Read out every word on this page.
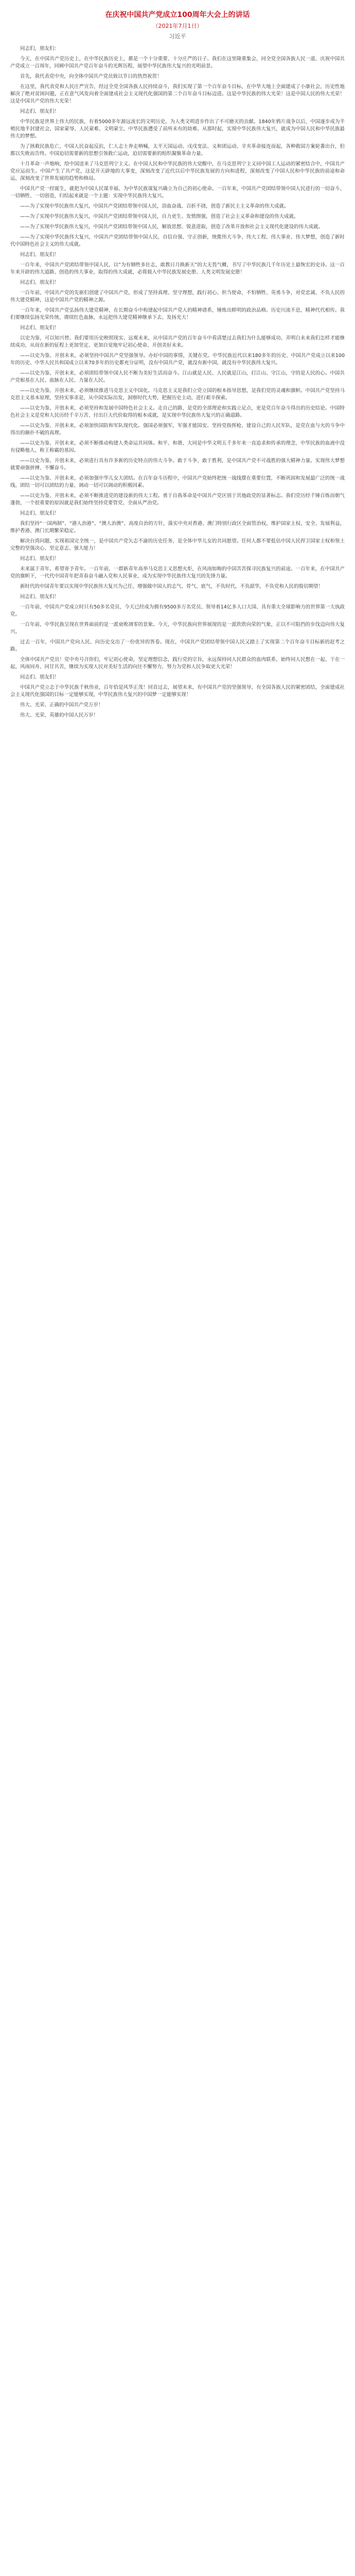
在庆祝中国共产党成立100周年大会上的讲话
（2021年7月1日）
习近平

同志们，朋友们：

今天，在中国共产党历史上，在中华民族历史上，都是一个十分重要、十分庄严的日子。我们在这里隆重集会，同全党全国各族人民一道，庆祝中国共产党成立一百周年，回顾中国共产党百年奋斗的光辉历程，展望中华民族伟大复兴的光明前景。

首先，我代表党中央，向全体中国共产党员致以节日的热烈祝贺！

在这里，我代表党和人民庄严宣告，经过全党全国各族人民持续奋斗，我们实现了第一个百年奋斗目标，在中华大地上全面建成了小康社会，历史性地解决了绝对贫困问题，正在意气风发向着全面建成社会主义现代化强国的第二个百年奋斗目标迈进。这是中华民族的伟大光荣！这是中国人民的伟大光荣！这是中国共产党的伟大光荣！

同志们、朋友们！

中华民族是世界上伟大的民族，有着5000多年源远流长的文明历史，为人类文明进步作出了不可磨灭的贡献。1840年鸦片战争以后，中国逐步成为半殖民地半封建社会，国家蒙辱、人民蒙难、文明蒙尘，中华民族遭受了前所未有的劫难。从那时起，实现中华民族伟大复兴，就成为中国人民和中华民族最伟大的梦想。

为了拯救民族危亡，中国人民奋起反抗，仁人志士奔走呐喊，太平天国运动、戊戌变法、义和团运动、辛亥革命接连而起，各种救国方案轮番出台，但都以失败而告终。中国迫切需要新的思想引领救亡运动，迫切需要新的组织凝聚革命力量。

十月革命一声炮响，给中国送来了马克思列宁主义。在中国人民和中华民族的伟大觉醒中，在马克思列宁主义同中国工人运动的紧密结合中，中国共产党应运而生。中国产生了共产党，这是开天辟地的大事变，深刻改变了近代以后中华民族发展的方向和进程，深刻改变了中国人民和中华民族的前途和命运，深刻改变了世界发展的趋势和格局。

中国共产党一经诞生，就把为中国人民谋幸福、为中华民族谋复兴确立为自己的初心使命。一百年来，中国共产党团结带领中国人民进行的一切奋斗、一切牺牲、一切创造，归结起来就是一个主题：实现中华民族伟大复兴。

——为了实现中华民族伟大复兴，中国共产党团结带领中国人民，浴血奋战、百折不挠，创造了新民主主义革命的伟大成就。

——为了实现中华民族伟大复兴，中国共产党团结带领中国人民，自力更生、发愤图强，创造了社会主义革命和建设的伟大成就。

——为了实现中华民族伟大复兴，中国共产党团结带领中国人民，解放思想、锐意进取，创造了改革开放和社会主义现代化建设的伟大成就。

——为了实现中华民族伟大复兴，中国共产党团结带领中国人民，自信自强、守正创新，统揽伟大斗争、伟大工程、伟大事业、伟大梦想，创造了新时代中国特色社会主义的伟大成就。

同志们、朋友们！

一百年来，中国共产党团结带领中国人民，以“为有牺牲多壮志，敢教日月换新天”的大无畏气概，书写了中华民族几千年历史上最恢宏的史诗。这一百年来开辟的伟大道路、创造的伟大事业、取得的伟大成就，必将载入中华民族发展史册、人类文明发展史册！

同志们、朋友们！

一百年前，中国共产党的先驱们创建了中国共产党，形成了坚持真理、坚守理想，践行初心、担当使命，不怕牺牲、英勇斗争，对党忠诚、不负人民的伟大建党精神，这是中国共产党的精神之源。

一百年来，中国共产党弘扬伟大建党精神，在长期奋斗中构建起中国共产党人的精神谱系，锤炼出鲜明的政治品格。历史川流不息，精神代代相传。我们要继续弘扬光荣传统、赓续红色血脉，永远把伟大建党精神继承下去、发扬光大！

同志们、朋友们！

以史为鉴，可以知兴替。我们要用历史映照现实、远观未来，从中国共产党的百年奋斗中看清楚过去我们为什么能够成功、弄明白未来我们怎样才能继续成功，从而在新的征程上更加坚定、更加自觉地牢记初心使命、开创美好未来。

——以史为鉴、开创未来，必须坚持中国共产党坚强领导。办好中国的事情，关键在党。中华民族近代以来180多年的历史、中国共产党成立以来100年的历史、中华人民共和国成立以来70多年的历史都充分证明，没有中国共产党，就没有新中国，就没有中华民族伟大复兴。

——以史为鉴、开创未来，必须团结带领中国人民不断为美好生活而奋斗。江山就是人民、人民就是江山，打江山、守江山，守的是人民的心。中国共产党根基在人民、血脉在人民、力量在人民。

——以史为鉴、开创未来，必须继续推进马克思主义中国化。马克思主义是我们立党立国的根本指导思想，是我们党的灵魂和旗帜。中国共产党坚持马克思主义基本原理，坚持实事求是，从中国实际出发，洞察时代大势，把握历史主动，进行艰辛探索。

——以史为鉴、开创未来，必须坚持和发展中国特色社会主义。走自己的路，是党的全部理论和实践立足点，更是党百年奋斗得出的历史结论。中国特色社会主义是党和人民历经千辛万苦、付出巨大代价取得的根本成就，是实现中华民族伟大复兴的正确道路。

——以史为鉴、开创未来，必须加快国防和军队现代化。强国必须强军，军强才能国安。坚持党指挥枪、建设自己的人民军队，是党在血与火的斗争中得出的颠扑不破的真理。

——以史为鉴、开创未来，必须不断推动构建人类命运共同体。和平、和谐、大同是中华文明五千多年来一直追求和传承的理念，中华民族的血液中没有侵略他人、称王称霸的基因。

——以史为鉴、开创未来，必须进行具有许多新的历史特点的伟大斗争。敢于斗争、敢于胜利，是中国共产党不可战胜的强大精神力量。实现伟大梦想就要顽强拼搏、不懈奋斗。

——以史为鉴、开创未来，必须加强中华儿女大团结。在百年奋斗历程中，中国共产党始终把统一战线摆在重要位置，不断巩固和发展最广泛的统一战线，团结一切可以团结的力量、调动一切可以调动的积极因素。

——以史为鉴、开创未来，必须不断推进党的建设新的伟大工程。勇于自我革命是中国共产党区别于其他政党的显著标志。我们党历经千锤百炼而朝气蓬勃，一个很重要的原因就是我们始终坚持党要管党、全面从严治党。

同志们、朋友们！

我们坚持“一国两制”、“港人治港”、“澳人治澳”、高度自治的方针，落实中央对香港、澳门特别行政区全面管治权，维护国家主权、安全、发展利益，维护香港、澳门长期繁荣稳定。

解决台湾问题、实现祖国完全统一，是中国共产党矢志不渝的历史任务，是全体中华儿女的共同愿望。任何人都不要低估中国人民捍卫国家主权和领土完整的坚强决心、坚定意志、强大能力！

同志们、朋友们！

未来属于青年，希望寄予青年。一百年前，一群新青年高举马克思主义思想火炬，在风雨如晦的中国苦苦探寻民族复兴的前途。一百年来，在中国共产党的旗帜下，一代代中国青年把青春奋斗融入党和人民事业，成为实现中华民族伟大复兴的先锋力量。

新时代的中国青年要以实现中华民族伟大复兴为己任，增强做中国人的志气、骨气、底气，不负时代，不负韶华，不负党和人民的殷切期望！

同志们、朋友们！

一百年前，中国共产党成立时只有50多名党员，今天已经成为拥有9500多万名党员、领导着14亿多人口大国、具有重大全球影响力的世界第一大执政党。

一百年前，中华民族呈现在世界面前的是一派衰败凋零的景象。今天，中华民族向世界展现的是一派欣欣向荣的气象，正以不可阻挡的步伐迈向伟大复兴。

过去一百年，中国共产党向人民、向历史交出了一份优异的答卷。现在，中国共产党团结带领中国人民又踏上了实现第二个百年奋斗目标新的赶考之路。

全体中国共产党员！党中央号召你们，牢记初心使命，坚定理想信念，践行党的宗旨，永远保持同人民群众的血肉联系，始终同人民想在一起、干在一起，风雨同舟、同甘共苦，继续为实现人民对美好生活的向往不懈努力，努力为党和人民争取更大光荣！

同志们、朋友们！

中国共产党立志于中华民族千秋伟业，百年恰是风华正茂！回首过去，展望未来，有中国共产党的坚强领导，有全国各族人民的紧密团结，全面建成社会主义现代化强国的目标一定能够实现，中华民族伟大复兴的中国梦一定能够实现！

伟大、光荣、正确的中国共产党万岁！

伟大、光荣、英雄的中国人民万岁！
